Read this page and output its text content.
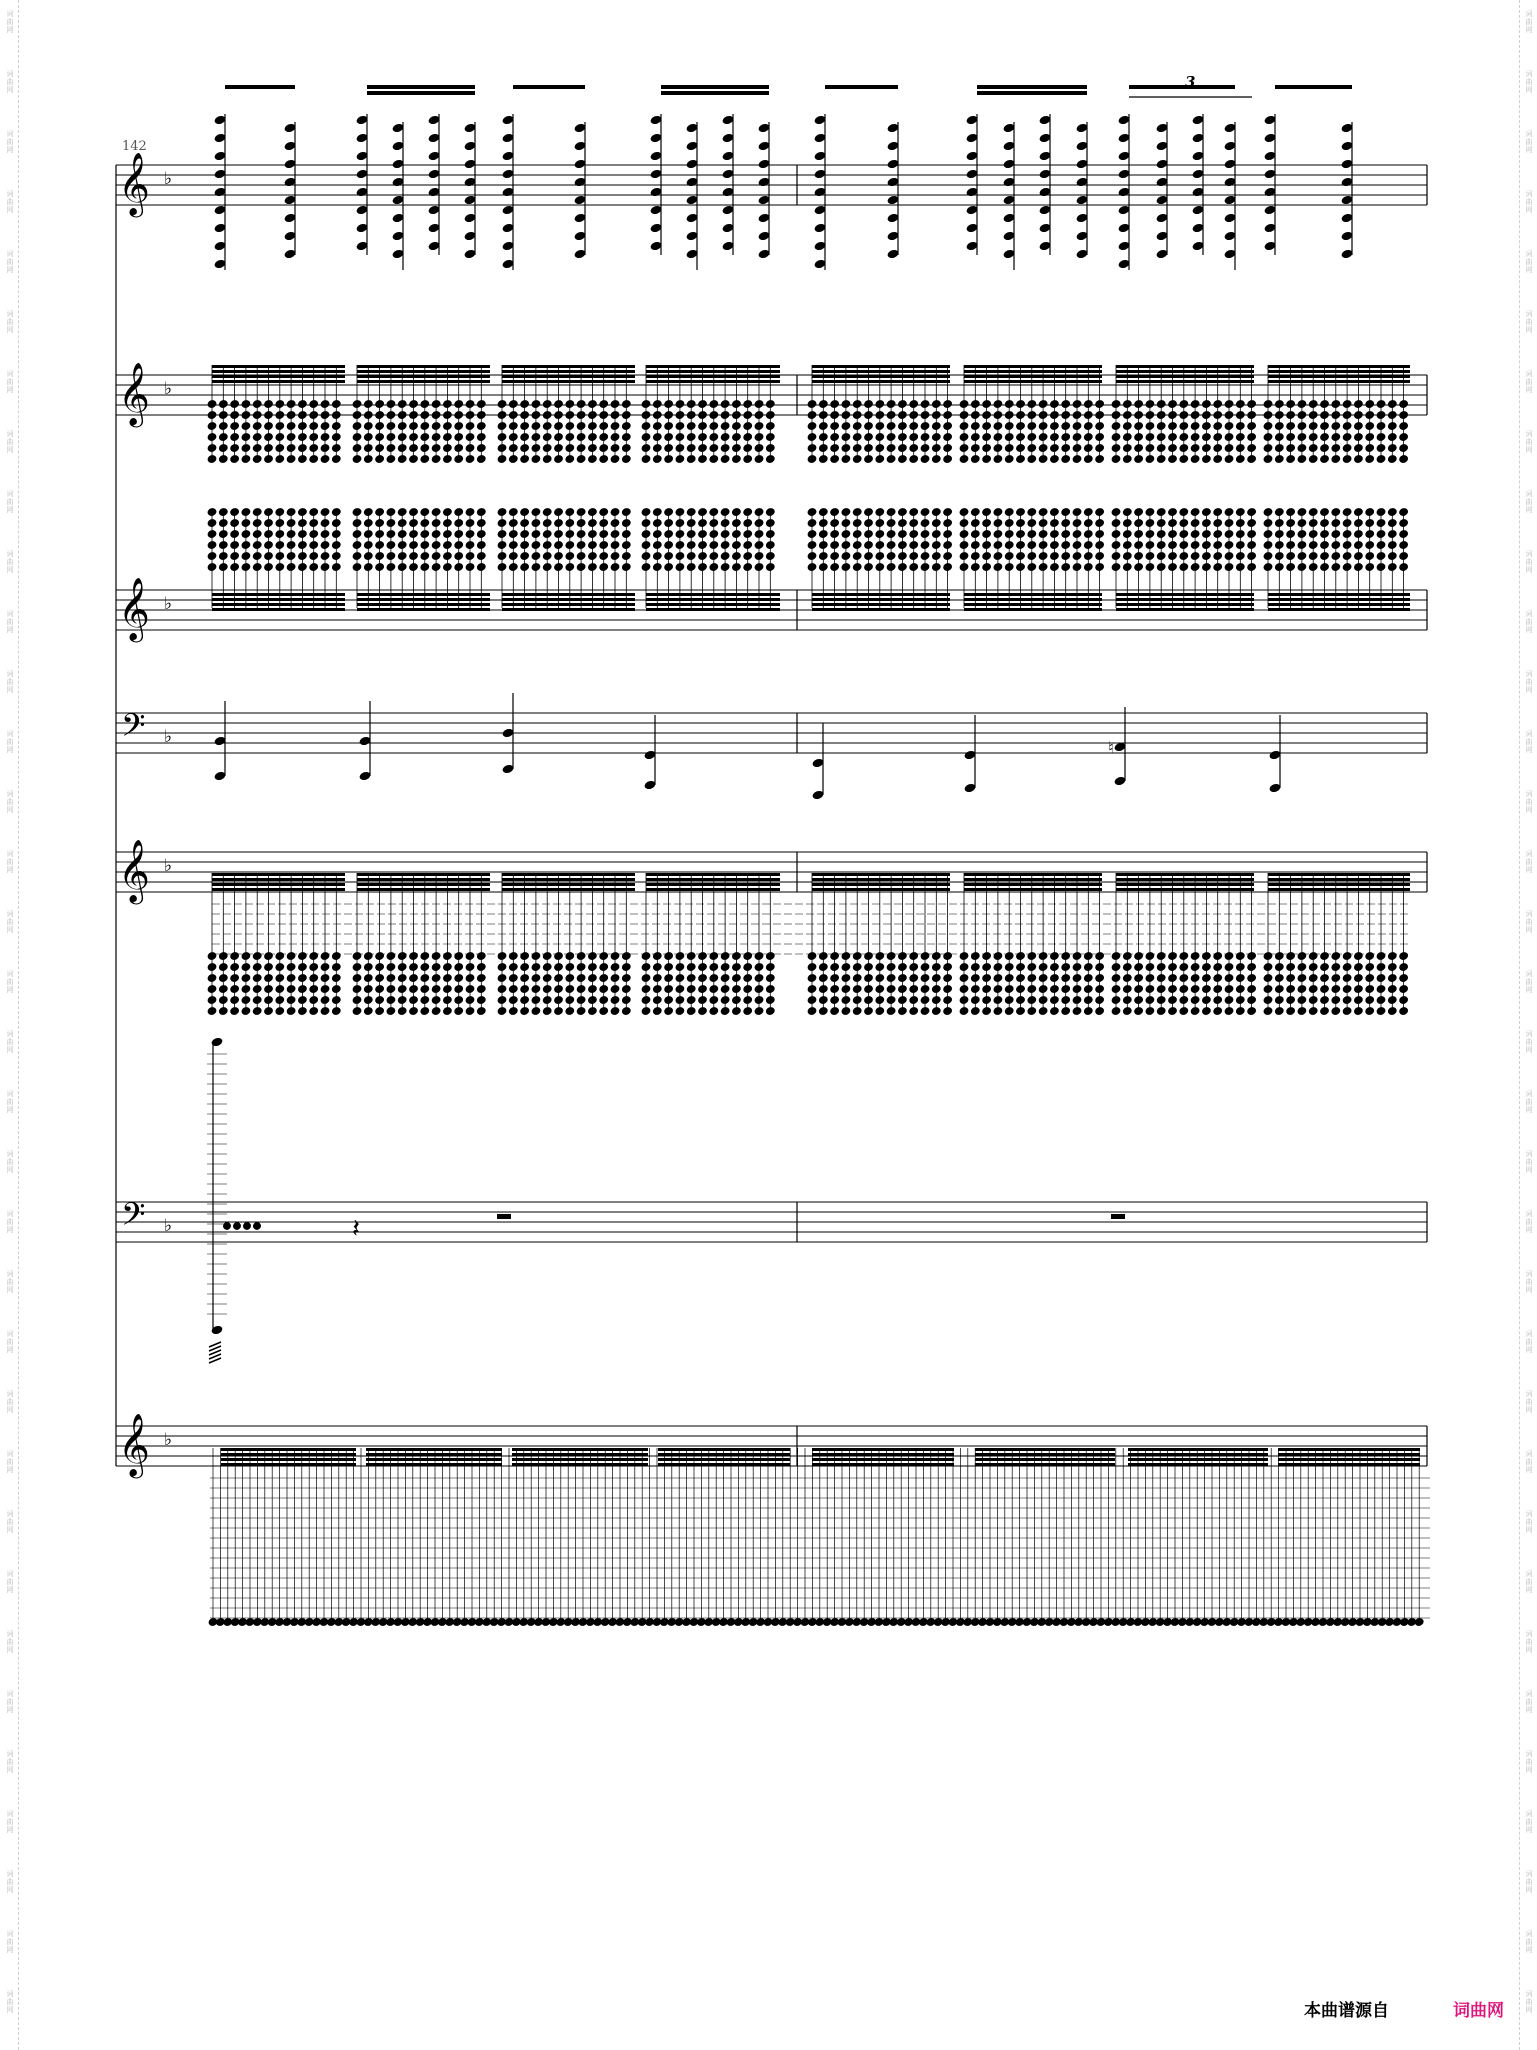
词
曲
网
词
曲
网
词
曲
网
词
曲
网
词
曲
网
词
曲
网
词
曲
网
词
曲
网
词
曲
网
词
曲
网
词
曲
网
词
曲
网
词
曲
网
词
曲
网
词
曲
网
词
曲
网
词
曲
网
词
曲
网
词
曲
网
词
曲
网
词
曲
网
词
曲
网
词
曲
网
词
曲
网
词
曲
网
词
曲
网
词
曲
网
词
曲
网
词
曲
网
词
曲
网
词
曲
网
词
曲
网
词
曲
网
词
曲
网
词
曲
网
词
曲
网
词
曲
网
词
曲
网
词
曲
网
词
曲
网
词
曲
网
词
曲
网
词
曲
网
词
曲
网
词
曲
网
词
曲
网
词
曲
网
词
曲
网
词
曲
网
词
曲
网
词
曲
网
词
曲
网
词
曲
网
词
曲
网
词
曲
网
词
曲
网
词
曲
网
词
曲
网
词
曲
网
词
曲
网
词
曲
网
词
曲
网
词
曲
网
词
曲
网
词
曲
网
词
曲
网
词
曲
网
词
曲
网
𝄞 ♭
𝄞 ♭
𝄞 ♭
𝄢 ♭
𝄞 ♭
𝄢 ♭
𝄞 ♭
3
♮
𝄽
142
本曲谱源自	词曲网
